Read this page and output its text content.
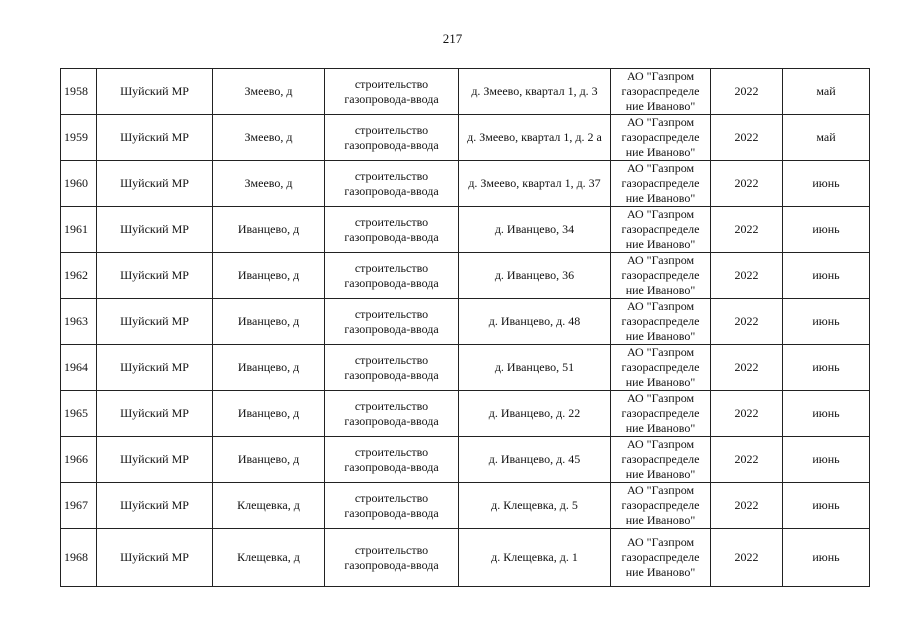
217
1958	Шуйский МР	Змеево, д	строительство газопровода-ввода	д. Змеево, квартал 1, д. 3	АО "Газпром газораспределе ние Иваново"	2022	май
1959	Шуйский МР	Змеево, д	строительство газопровода-ввода	д. Змеево, квартал 1, д. 2 а	АО "Газпром газораспределе ние Иваново"	2022	май
1960	Шуйский МР	Змеево, д	строительство газопровода-ввода	д. Змеево, квартал 1, д. 37	АО "Газпром газораспределе ние Иваново"	2022	июнь
1961	Шуйский МР	Иванцево, д	строительство газопровода-ввода	д. Иванцево, 34	АО "Газпром газораспределе ние Иваново"	2022	июнь
1962	Шуйский МР	Иванцево, д	строительство газопровода-ввода	д. Иванцево, 36	АО "Газпром газораспределе ние Иваново"	2022	июнь
1963	Шуйский МР	Иванцево, д	строительство газопровода-ввода	д. Иванцево, д. 48	АО "Газпром газораспределе ние Иваново"	2022	июнь
1964	Шуйский МР	Иванцево, д	строительство газопровода-ввода	д. Иванцево, 51	АО "Газпром газораспределе ние Иваново"	2022	июнь
1965	Шуйский МР	Иванцево, д	строительство газопровода-ввода	д. Иванцево, д. 22	АО "Газпром газораспределе ние Иваново"	2022	июнь
1966	Шуйский МР	Иванцево, д	строительство газопровода-ввода	д. Иванцево, д. 45	АО "Газпром газораспределе ние Иваново"	2022	июнь
1967	Шуйский МР	Клещевка, д	строительство газопровода-ввода	д. Клещевка, д. 5	АО "Газпром газораспределе ние Иваново"	2022	июнь
1968	Шуйский МР	Клещевка, д	строительство газопровода-ввода	д. Клещевка, д. 1	АО "Газпром газораспределе ние Иваново"	2022	июнь
